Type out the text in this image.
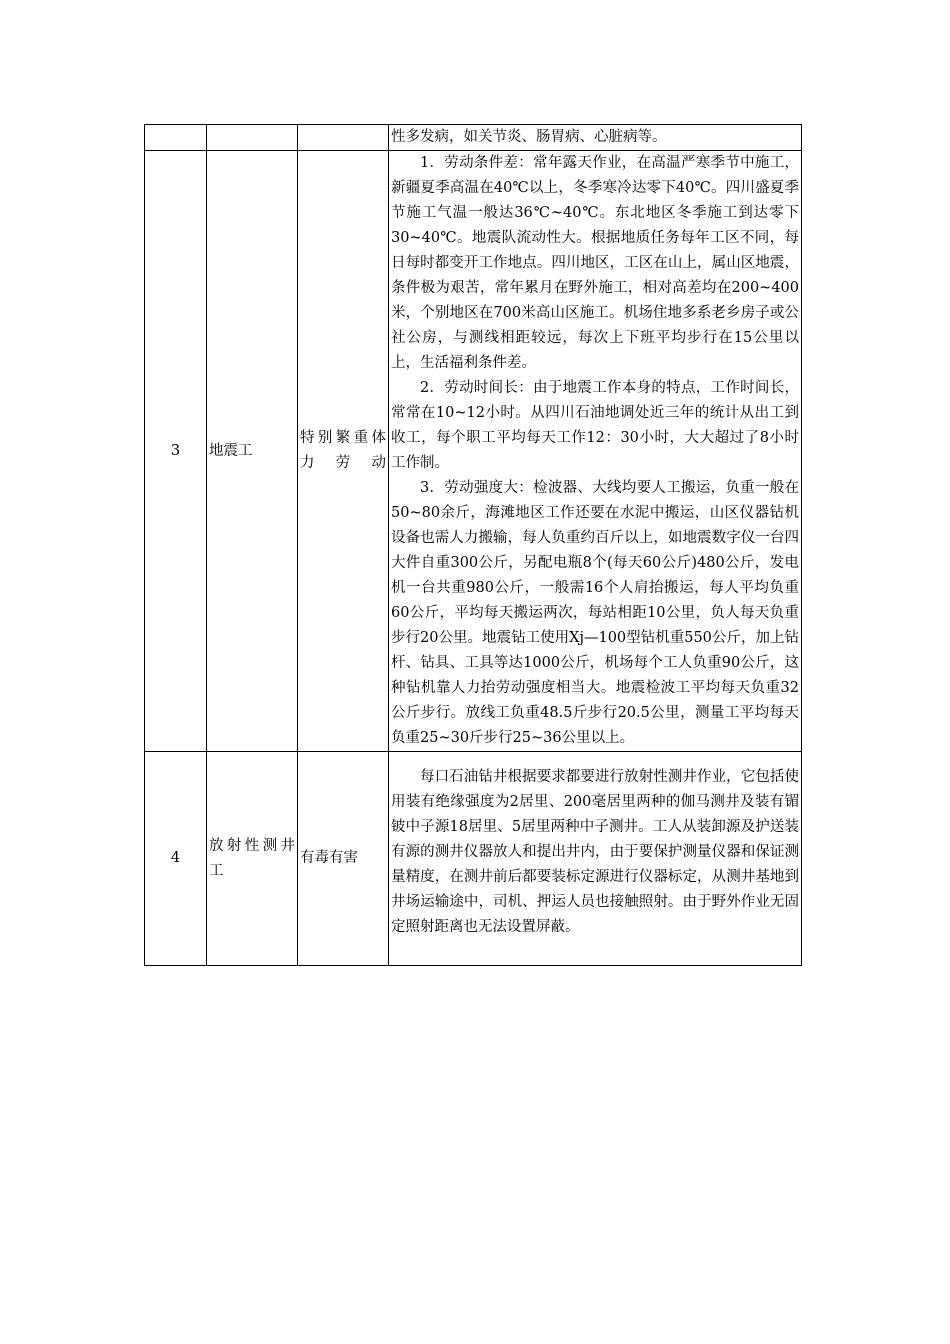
			性多发病，如关节炎、肠胃病、心脏病等。

3	地震工	特别繁重体力劳动	1．劳动条件差：常年露天作业，在高温严寒季节中施工，新疆夏季高温在40℃以上，冬季寒冷达零下40℃。四川盛夏季节施工气温一般达36℃~40℃。东北地区冬季施工到达零下30~40℃。地震队流动性大。根据地质任务每年工区不同，每日每时都变开工作地点。四川地区，工区在山上，属山区地震，条件极为艰苦，常年累月在野外施工，相对高差均在200~400米，个别地区在700米高山区施工。机场住地多系老乡房子或公社公房，与测线相距较远，每次上下班平均步行在15公里以上，生活福利条件差。

2．劳动时间长：由于地震工作本身的特点，工作时间长，常常在10~12小时。从四川石油地调处近三年的统计从出工到收工，每个职工平均每天工作12：30小时，大大超过了8小时工作制。

3．劳动强度大：检波器、大线均要人工搬运，负重一般在50~80余斤，海滩地区工作还要在水泥中搬运，山区仪器钻机设备也需人力搬输，每人负重约百斤以上，如地震数字仪一台四大件自重300公斤，另配电瓶8个(每天60公斤)480公斤，发电机一台共重980公斤，一般需16个人肩抬搬运，每人平均负重60公斤，平均每天搬运两次，每站相距10公里，负人每天负重步行20公里。地震钻工使用Xj—100型钻机重550公斤，加上钻杆、钻具、工具等达1000公斤，机场每个工人负重90公斤，这种钻机靠人力抬劳动强度相当大。地震检波工平均每天负重32公斤步行。放线工负重48.5斤步行20.5公里，测量工平均每天负重25~30斤步行25~36公里以上。

4	放射性测井工	有毒有害	每口石油钻井根据要求都要进行放射性测井作业，它包括使用装有绝缘强度为2居里、200毫居里两种的伽马测井及装有镅铍中子源18居里、5居里两种中子测井。工人从装卸源及护送装有源的测井仪器放人和提出井内，由于要保护测量仪器和保证测量精度，在测井前后都要装标定源进行仪器标定，从测井基地到井场运输途中，司机、押运人员也接触照射。由于野外作业无固定照射距离也无法设置屏蔽。
